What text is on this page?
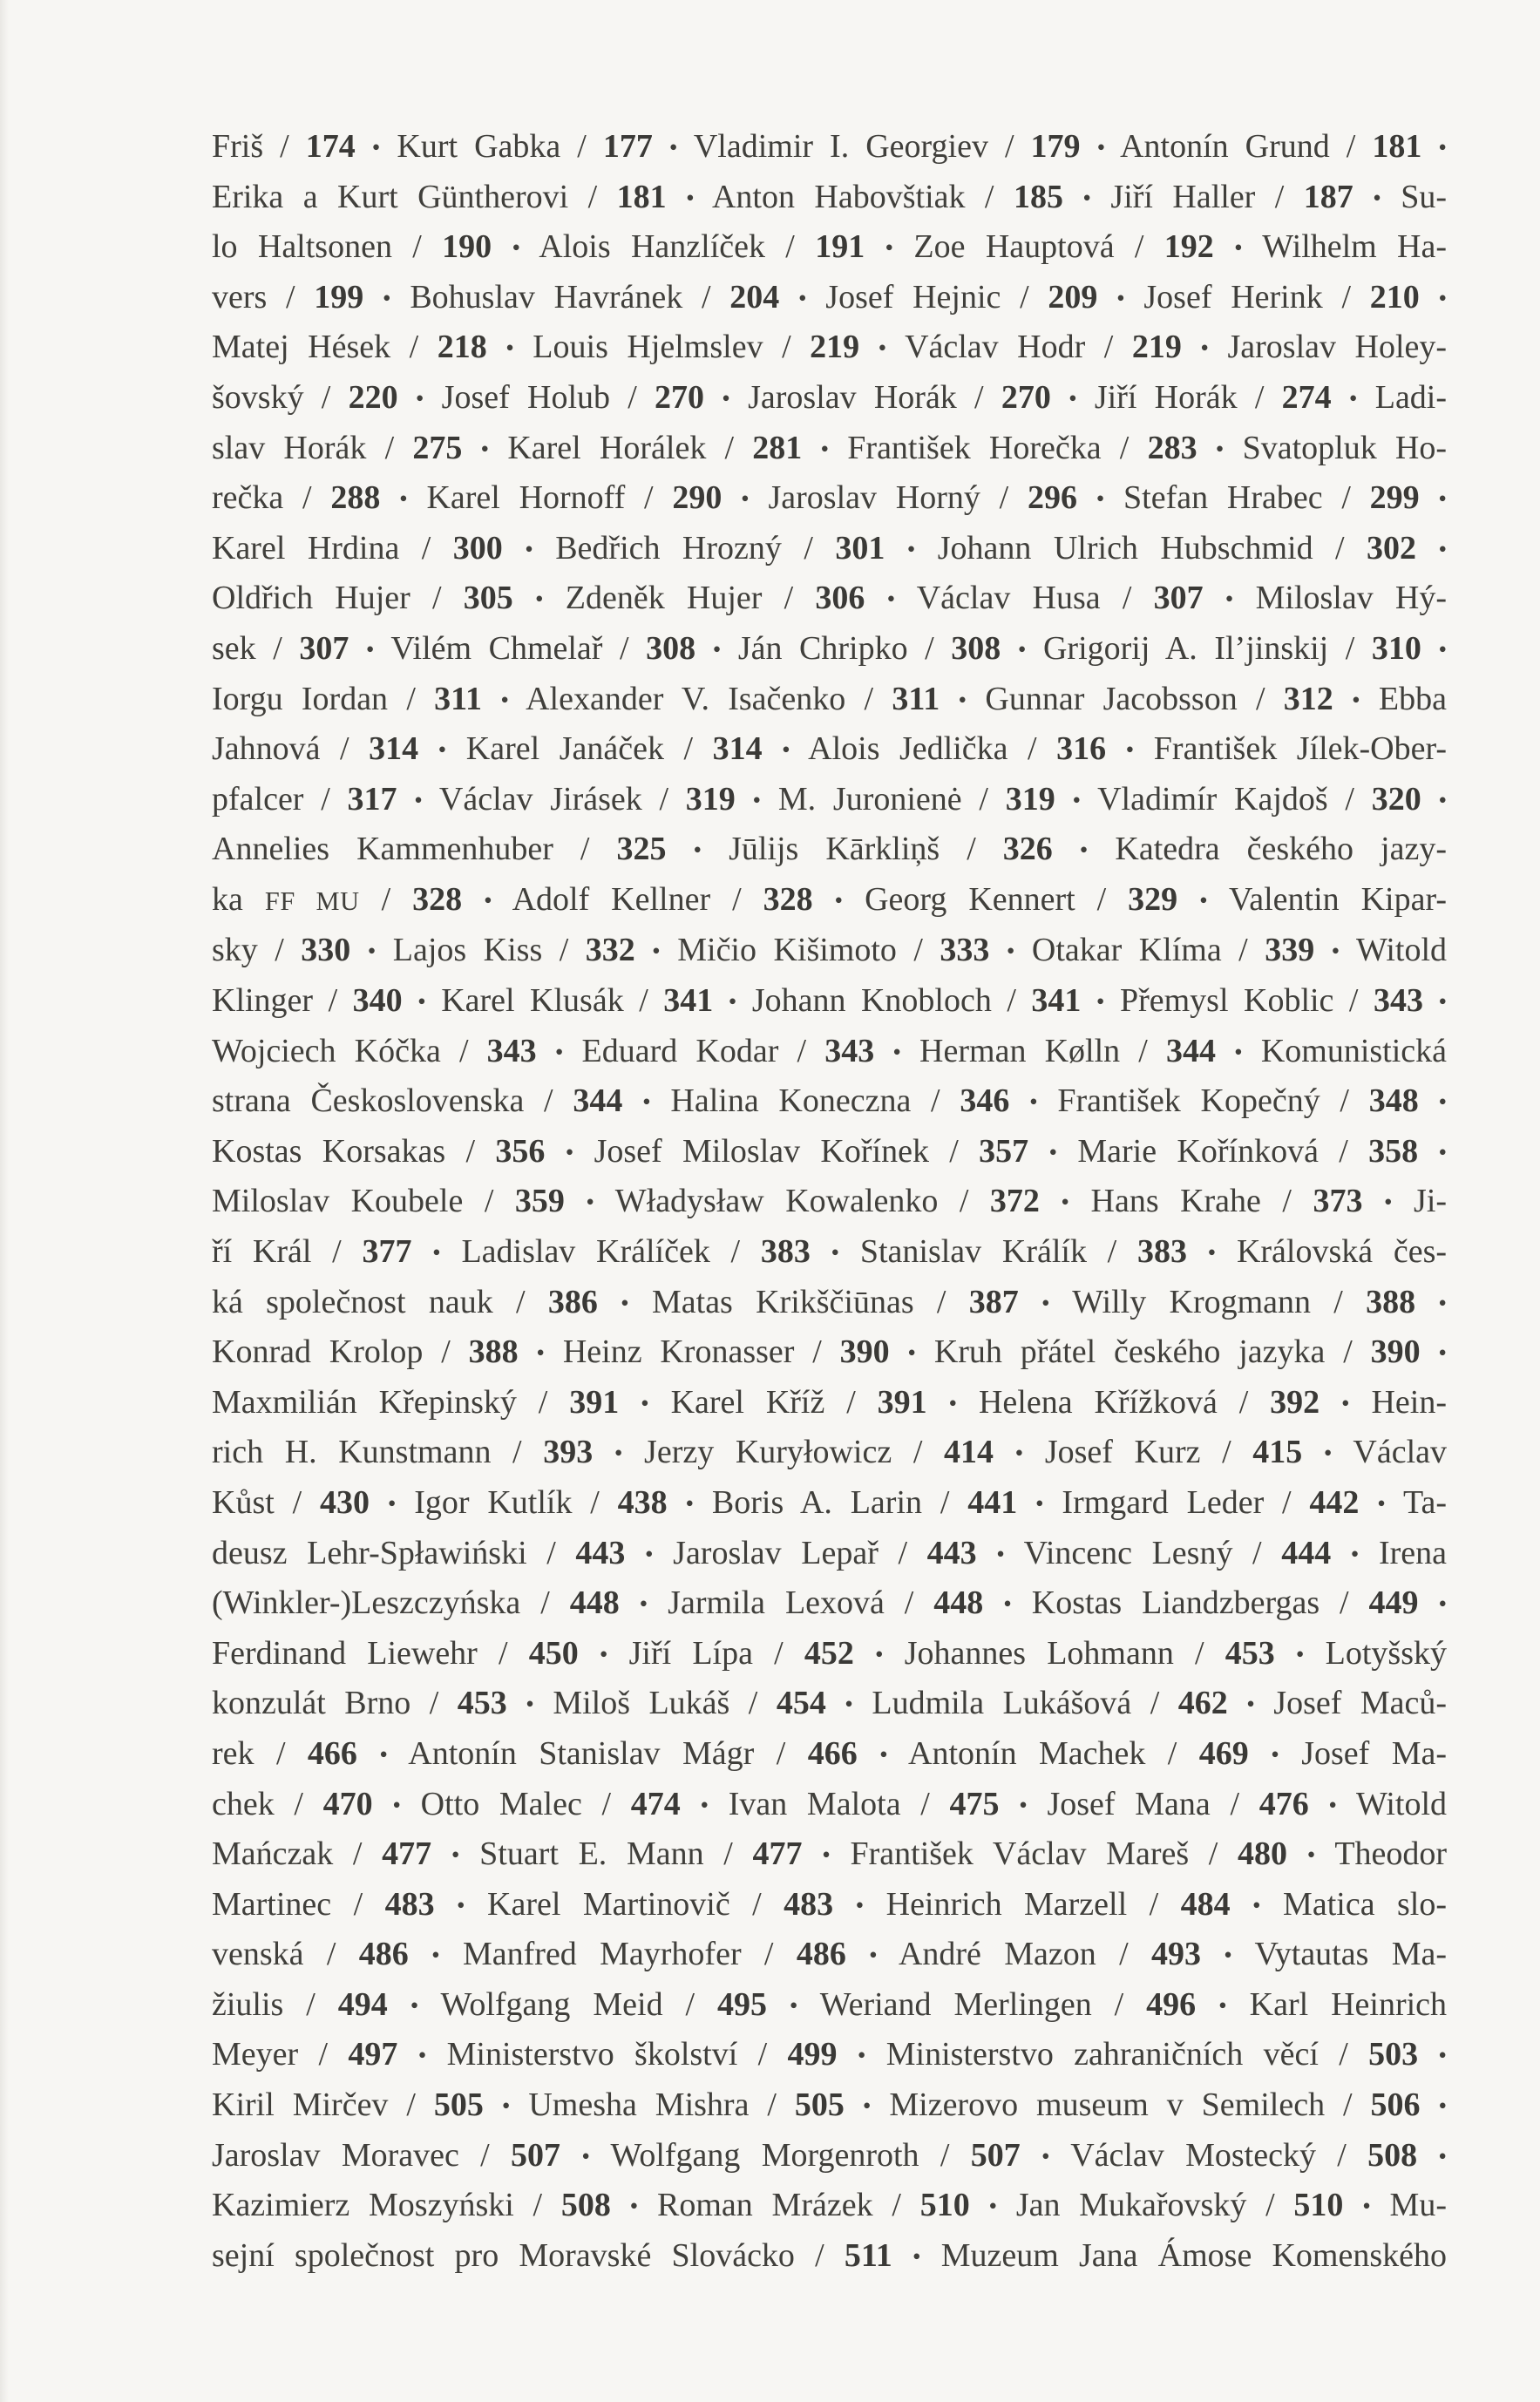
Friš / 174 • Kurt Gabka / 177 • Vladimir I. Georgiev / 179 • Antonín Grund / 181 •
Erika a Kurt Güntherovi / 181 • Anton Habovštiak / 185 • Jiří Haller / 187 • Su-
lo Haltsonen / 190 • Alois Hanzlíček / 191 • Zoe Hauptová / 192 • Wilhelm Ha-
vers / 199 • Bohuslav Havránek / 204 • Josef Hejnic / 209 • Josef Herink / 210 •
Matej Hések / 218 • Louis Hjelmslev / 219 • Václav Hodr / 219 • Jaroslav Holey-
šovský / 220 • Josef Holub / 270 • Jaroslav Horák / 270 • Jiří Horák / 274 • Ladi-
slav Horák / 275 • Karel Horálek / 281 • František Horečka / 283 • Svatopluk Ho-
rečka / 288 • Karel Hornoff / 290 • Jaroslav Horný / 296 • Stefan Hrabec / 299 •
Karel Hrdina / 300 • Bedřich Hrozný / 301 • Johann Ulrich Hubschmid / 302 •
Oldřich Hujer / 305 • Zdeněk Hujer / 306 • Václav Husa / 307 • Miloslav Hý-
sek / 307 • Vilém Chmelař / 308 • Ján Chripko / 308 • Grigorij A. Il’jinskij / 310 •
Iorgu Iordan / 311 • Alexander V. Isačenko / 311 • Gunnar Jacobsson / 312 • Ebba
Jahnová / 314 • Karel Janáček / 314 • Alois Jedlička / 316 • František Jílek-Ober-
pfalcer / 317 • Václav Jirásek / 319 • M. Juronienė / 319 • Vladimír Kajdoš / 320 •
Annelies Kammenhuber / 325 • Jūlijs Kārkliņš / 326 • Katedra českého jazy-
ka FF MU / 328 • Adolf Kellner / 328 • Georg Kennert / 329 • Valentin Kipar-
sky / 330 • Lajos Kiss / 332 • Mičio Kišimoto / 333 • Otakar Klíma / 339 • Witold
Klinger / 340 • Karel Klusák / 341 • Johann Knobloch / 341 • Přemysl Koblic / 343 •
Wojciech Kóčka / 343 • Eduard Kodar / 343 • Herman Kølln / 344 • Komunistická
strana Československa / 344 • Halina Koneczna / 346 • František Kopečný / 348 •
Kostas Korsakas / 356 • Josef Miloslav Kořínek / 357 • Marie Kořínková / 358 •
Miloslav Koubele / 359 • Władysław Kowalenko / 372 • Hans Krahe / 373 • Ji-
ří Král / 377 • Ladislav Králíček / 383 • Stanislav Králík / 383 • Královská čes-
ká společnost nauk / 386 • Matas Krikščiūnas / 387 • Willy Krogmann / 388 •
Konrad Krolop / 388 • Heinz Kronasser / 390 • Kruh přátel českého jazyka / 390 •
Maxmilián Křepinský / 391 • Karel Kříž / 391 • Helena Křížková / 392 • Hein-
rich H. Kunstmann / 393 • Jerzy Kuryłowicz / 414 • Josef Kurz / 415 • Václav
Kůst / 430 • Igor Kutlík / 438 • Boris A. Larin / 441 • Irmgard Leder / 442 • Ta-
deusz Lehr-Spławiński / 443 • Jaroslav Lepař / 443 • Vincenc Lesný / 444 • Irena
(Winkler-)Leszczyńska / 448 • Jarmila Lexová / 448 • Kostas Liandzbergas / 449 •
Ferdinand Liewehr / 450 • Jiří Lípa / 452 • Johannes Lohmann / 453 • Lotyšský
konzulát Brno / 453 • Miloš Lukáš / 454 • Ludmila Lukášová / 462 • Josef Maců-
rek / 466 • Antonín Stanislav Mágr / 466 • Antonín Machek / 469 • Josef Ma-
chek / 470 • Otto Malec / 474 • Ivan Malota / 475 • Josef Mana / 476 • Witold
Mańczak / 477 • Stuart E. Mann / 477 • František Václav Mareš / 480 • Theodor
Martinec / 483 • Karel Martinovič / 483 • Heinrich Marzell / 484 • Matica slo-
venská / 486 • Manfred Mayrhofer / 486 • André Mazon / 493 • Vytautas Ma-
žiulis / 494 • Wolfgang Meid / 495 • Weriand Merlingen / 496 • Karl Heinrich
Meyer / 497 • Ministerstvo školství / 499 • Ministerstvo zahraničních věcí / 503 •
Kiril Mirčev / 505 • Umesha Mishra / 505 • Mizerovo museum v Semilech / 506 •
Jaroslav Moravec / 507 • Wolfgang Morgenroth / 507 • Václav Mostecký / 508 •
Kazimierz Moszyński / 508 • Roman Mrázek / 510 • Jan Mukařovský / 510 • Mu-
sejní společnost pro Moravské Slovácko / 511 • Muzeum Jana Ámose Komenského
